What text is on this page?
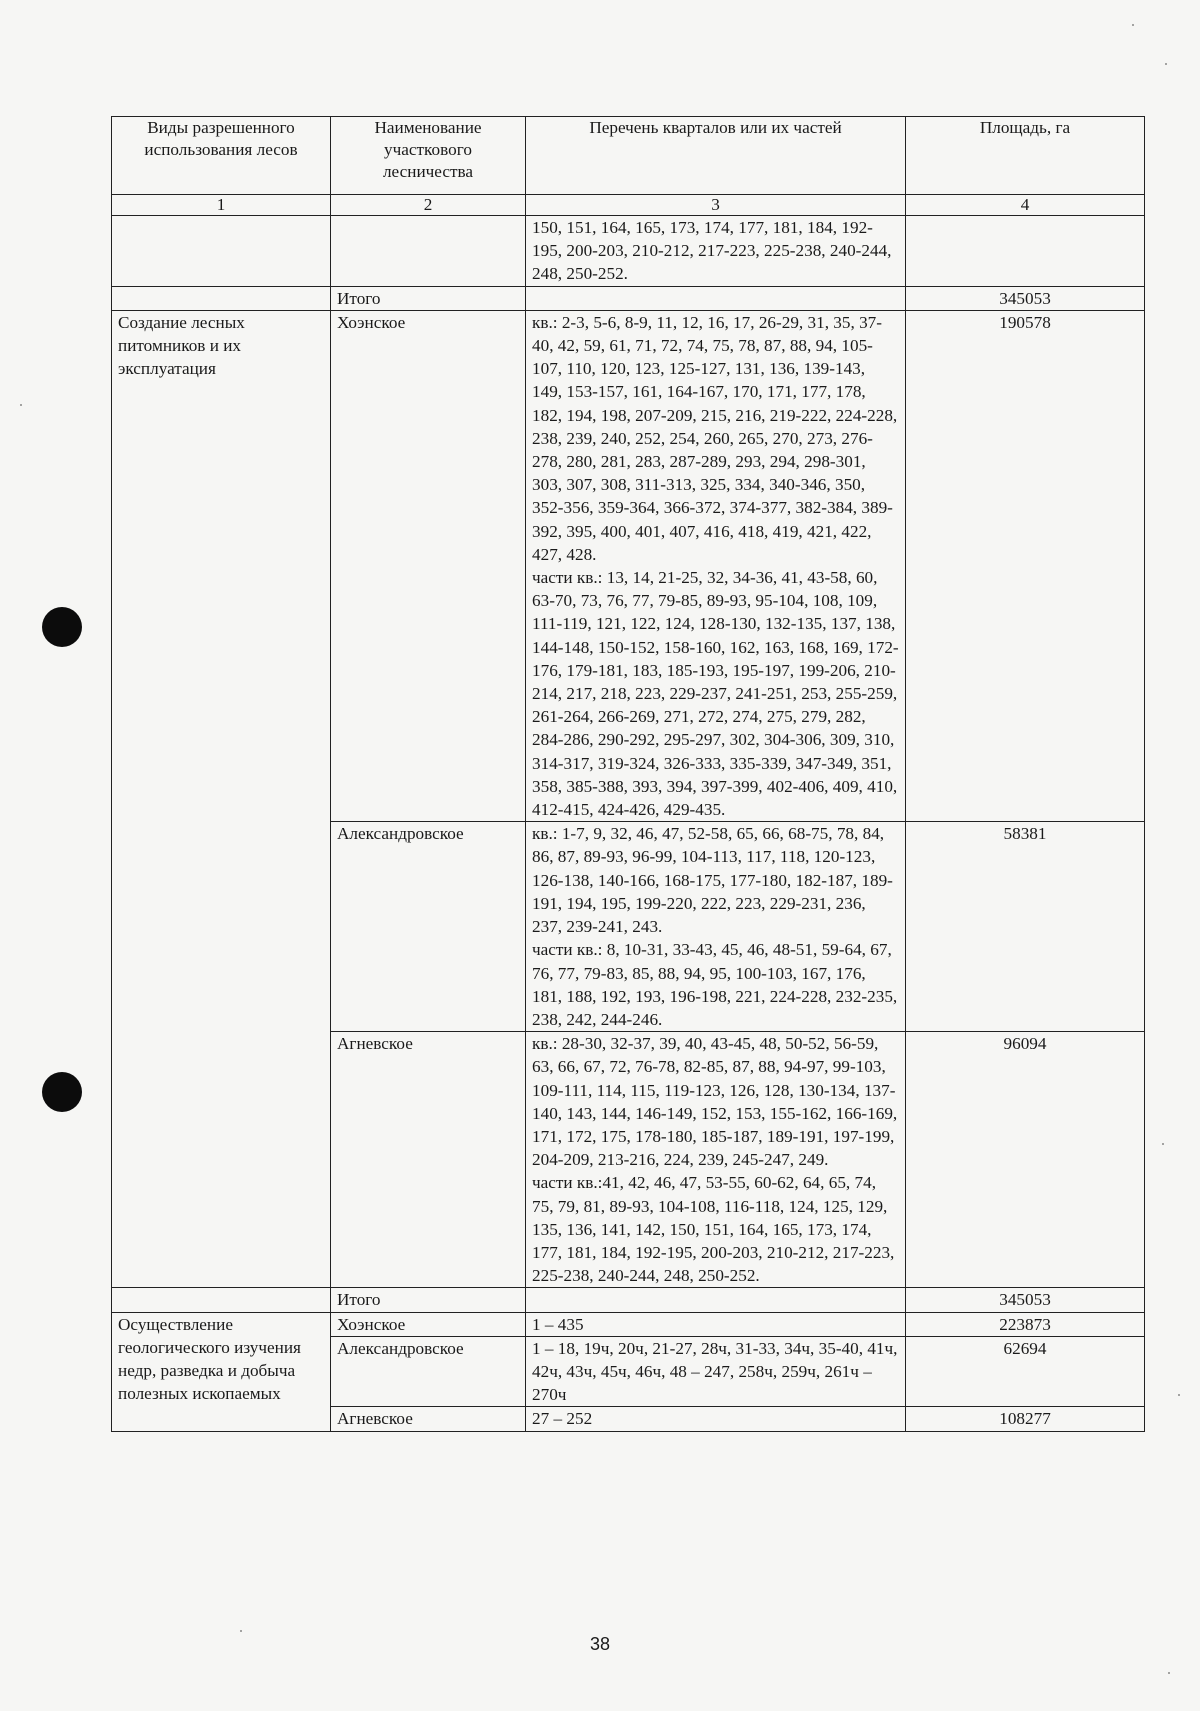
Виды разрешенного использования лесов	Наименование участкового лесничества	Перечень кварталов или их частей	Площадь, га
1	2	3	4
		150, 151, 164, 165, 173, 174, 177, 181, 184, 192-195, 200-203, 210-212, 217-223, 225-238, 240-244, 248, 250-252.	
	Итого		345053
Создание лесных питомников и их эксплуатация	Хоэнское	кв.: 2-3, 5-6, 8-9, 11, 12, 16, 17, 26-29, 31, 35, 37-40, 42, 59, 61, 71, 72, 74, 75, 78, 87, 88, 94, 105-107, 110, 120, 123, 125-127, 131, 136, 139-143, 149, 153-157, 161, 164-167, 170, 171, 177, 178, 182, 194, 198, 207-209, 215, 216, 219-222, 224-228, 238, 239, 240, 252, 254, 260, 265, 270, 273, 276-278, 280, 281, 283, 287-289, 293, 294, 298-301, 303, 307, 308, 311-313, 325, 334, 340-346, 350, 352-356, 359-364, 366-372, 374-377, 382-384, 389-392, 395, 400, 401, 407, 416, 418, 419, 421, 422, 427, 428.
части кв.: 13, 14, 21-25, 32, 34-36, 41, 43-58, 60, 63-70, 73, 76, 77, 79-85, 89-93, 95-104, 108, 109, 111-119, 121, 122, 124, 128-130, 132-135, 137, 138, 144-148, 150-152, 158-160, 162, 163, 168, 169, 172-176, 179-181, 183, 185-193, 195-197, 199-206, 210-214, 217, 218, 223, 229-237, 241-251, 253, 255-259, 261-264, 266-269, 271, 272, 274, 275, 279, 282, 284-286, 290-292, 295-297, 302, 304-306, 309, 310, 314-317, 319-324, 326-333, 335-339, 347-349, 351, 358, 385-388, 393, 394, 397-399, 402-406, 409, 410, 412-415, 424-426, 429-435.	190578
	Александровское	кв.: 1-7, 9, 32, 46, 47, 52-58, 65, 66, 68-75, 78, 84, 86, 87, 89-93, 96-99, 104-113, 117, 118, 120-123, 126-138, 140-166, 168-175, 177-180, 182-187, 189-191, 194, 195, 199-220, 222, 223, 229-231, 236, 237, 239-241, 243.
части кв.: 8, 10-31, 33-43, 45, 46, 48-51, 59-64, 67, 76, 77, 79-83, 85, 88, 94, 95, 100-103, 167, 176, 181, 188, 192, 193, 196-198, 221, 224-228, 232-235, 238, 242, 244-246.	58381
	Агневское	кв.: 28-30, 32-37, 39, 40, 43-45, 48, 50-52, 56-59, 63, 66, 67, 72, 76-78, 82-85, 87, 88, 94-97, 99-103, 109-111, 114, 115, 119-123, 126, 128, 130-134, 137-140, 143, 144, 146-149, 152, 153, 155-162, 166-169, 171, 172, 175, 178-180, 185-187, 189-191, 197-199, 204-209, 213-216, 224, 239, 245-247, 249.
части кв.:41, 42, 46, 47, 53-55, 60-62, 64, 65, 74, 75, 79, 81, 89-93, 104-108, 116-118, 124, 125, 129, 135, 136, 141, 142, 150, 151, 164, 165, 173, 174, 177, 181, 184, 192-195, 200-203, 210-212, 217-223, 225-238, 240-244, 248, 250-252.	96094
	Итого		345053
Осуществление геологического изучения недр, разведка и добыча полезных ископаемых	Хоэнское	1 – 435	223873
	Александровское	1 – 18, 19ч, 20ч, 21-27, 28ч, 31-33, 34ч, 35-40, 41ч, 42ч, 43ч, 45ч, 46ч, 48 – 247, 258ч, 259ч, 261ч – 270ч	62694
	Агневское	27 – 252	108277
38
